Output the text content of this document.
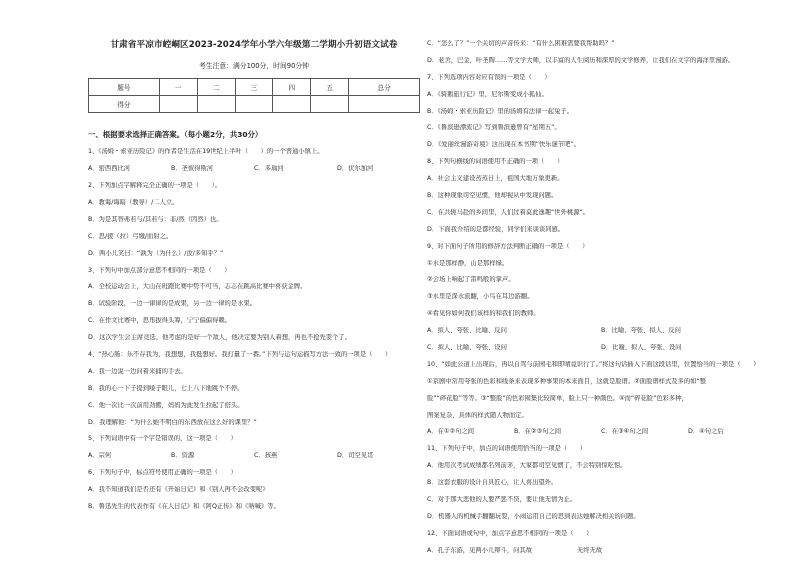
甘肃省平凉市崆峒区2023-2024学年小学六年级第二学期小升初语文试卷
考生注意：满分100分，时间90分钟
题号	一	二	三	四	五	总分
得分						
一、根据要求选择正确答案。（每小题2分，共30分）
1、《汤姆・索亚历险记》的作者是生活在19世纪上半叶（　　）的一个普通小镇上。
A．密西西比河	B．圣彼得斯河	C．多瑙河	D．伏尔加河
2、下列加点字解释完全正确的一项是（　　）。
A．教诲/诲暗（教导）/二人立。
B．为是其智弗若与/其若与：非/然（因然）也。
C．思/援（拉）弓缴/而射之。
D．两小儿笑曰：“孰为（为什么）/汝/多知乎？”
3、下列句中加点部分意思不相同的一项是（　　）
A．全校运动会上，大山在班跑比赛中势不可当，志志在跳高比赛中喜获金牌。
B．试验阶段，一边一律律的是成果，另一边一律的是水果。
C．在作文比赛中，思彤拔得头筹，宁宁偏偏得赖。
D．这次学生会主席竞选，他考虑的是好一个敌人，他决定要为别人着想，再也不抢先耍个了。
4、“热心肠：乐不存我为，我想想，我挺想好。我打量了一番。”下列与运句运描写方法一致的一项是（　　）
A．我一边说一边问着来捕的手去。
B．我的心一下子提到嗓子眼儿，七上八下地跳个不停。
C．他一次比一次前用劲搬，妈妈为此发生拉起了搭头。
D．我理解他：“为什么她不明白的东西放在这么好的课里？”
5、下列词语中有一个字是错误的，这一项是（　　）
A．宗何	B．资源	C．孩燕	D．司空见贯
6、下列句子中，标点符号使用正确的一项是（　　）
A．我不知道我们是否还有《开始日记》和《别人再不会改变呢》
B．鲁迅先生的代表作有《在人日记》和《阿Q正传》和《呐喊》等。
C．“怎么了？”一个关切的声音传来：“有什么困难需要我帮助吗？”
D．老舍，巴金，叶圣陶……等文学大师，以丰富的人生阅历和深厚的文学修养，让我们在文字的海洋里漫游。
7、下列选项内容对应有误的一项是（　　）
A．《骑鹅旅行记》里，尼尔斯变成小狐仙。
B．《汤姆・索亚历险记》里的汤姆有法律一起兔子。
C．《鲁滨逊漂流记》写到鲁滨逊曾有“星期五”。
D．《爱丽丝漫游奇境》这出现在本书期“快乐谜节吧”。
8、下列句横线的词语使用不正确的一项（　　）
A．社会主义建设蒸蒸日上，祖国大地万象更新。
B．这种现象司空见惯，他却视从中发现问题。
C．在共轭马赴的乡间里，人们过着莫此逸趣“世外桃源”。
D．下面我介绍的是都经验，同学们来谈谈同感。
9、对下面句子所用的修辞方法判断正确的一项是（　　）
①水是那样静，山是那样绿。
②会场上响起了雷鸣般的掌声。
③水里是深水流翻，小鸟在耳边游翻。
④看见你如何我们该样的和我们的教师。
A．拟人、夸张、比喻、反问	B．比喻、夸张、拟人、反问
C．拟人、比喻、夸张、设问	D．比喻、拟人、夸张、设问
10、“如此公道上出现后，再以自驾与前园毛和即晴竟识行了。”将这句话插入下面这段话里，位置恰当的一项是（　　）
①京剧中常用夸张的色彩和线条来表现多种事果的本来面目，这就是脸谱。②面脸谱样式及多的如“整
脸”“碎花脸”等等。③“整脸”的色彩囤集比较简单，脸上只一种颜色。④而“碎花脸”色彩多种，
图案复杂，具体的样式随人物而定。
A．在①②句之间	B．在②③句之间	C．在③④句之间	D．④句之后
11、下列句子中，加点的词语使用恰当的一项是（　　）
A．他用次考试成绩都名列前茅，大家都司空见惯了，不会特别惊吃惊。
B．这套衣服的设计自具匠心，让人喜出望外。
C．对于那大悲他的人要严惩不贷，要让他无情为止。
D．机器人的机械手翻翻玩耍，小雨运用自己的思到表达她解决相关的问题。
12、下面词语或句中，加点字意思不相同的一项是（　　）
A．孔子东游，见两小儿辩斗，问其故	无终无故
